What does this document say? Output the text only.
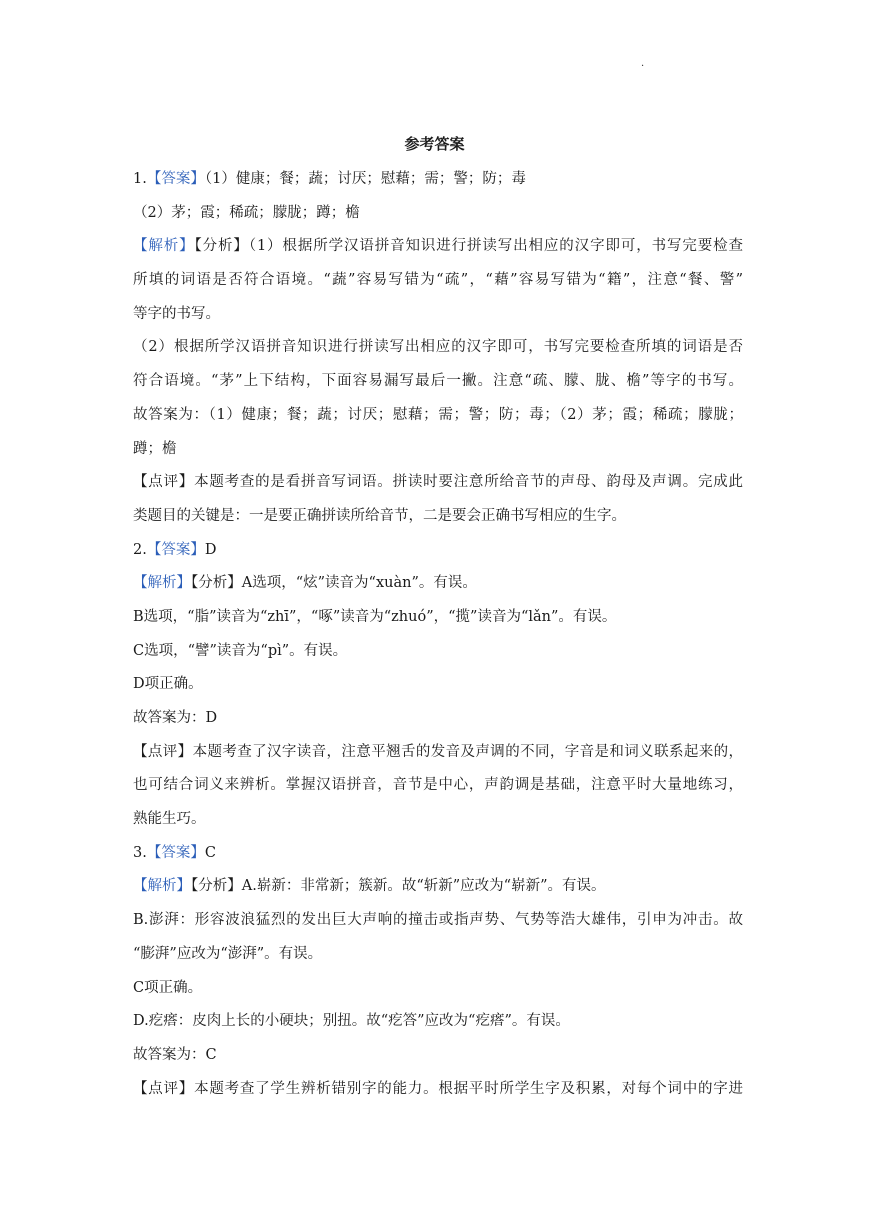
·
参考答案
1.【答案】（1）健康；餐；蔬；讨厌；慰藉；需；警；防；毒
（2）茅；霞；稀疏；朦胧；蹲；檐
【解析】【分析】（1）根据所学汉语拼音知识进行拼读写出相应的汉字即可，书写完要检查
所填的词语是否符合语境。“蔬”容易写错为“疏”，“藉”容易写错为“籍”，注意“餐、警”
等字的书写。
（2）根据所学汉语拼音知识进行拼读写出相应的汉字即可，书写完要检查所填的词语是否
符合语境。“茅”上下结构，下面容易漏写最后一撇。注意“疏、朦、胧、檐”等字的书写。
故答案为：（1）健康；餐；蔬；讨厌；慰藉；需；警；防；毒；（2）茅；霞；稀疏；朦胧；
蹲；檐
【点评】本题考查的是看拼音写词语。拼读时要注意所给音节的声母、韵母及声调。完成此
类题目的关键是：一是要正确拼读所给音节，二是要会正确书写相应的生字。
2.【答案】D
【解析】【分析】A选项，“炫”读音为“xuàn”。有误。
B选项，“脂”读音为“zhī”，“啄”读音为“zhuó”，“揽”读音为“lǎn”。有误。
C选项，“譬”读音为“pì”。有误。
D项正确。
故答案为：D
【点评】本题考查了汉字读音，注意平翘舌的发音及声调的不同，字音是和词义联系起来的，
也可结合词义来辨析。掌握汉语拼音，音节是中心，声韵调是基础，注意平时大量地练习，
熟能生巧。
3.【答案】C
【解析】【分析】A.崭新：非常新；簇新。故“斩新”应改为“崭新”。有误。
B.澎湃：形容波浪猛烈的发出巨大声响的撞击或指声势、气势等浩大雄伟，引申为冲击。故
“膨湃”应改为“澎湃”。有误。
C项正确。
D.疙瘩：皮肉上长的小硬块；别扭。故“疙答”应改为“疙瘩”。有误。
故答案为：C
【点评】本题考查了学生辨析错别字的能力。根据平时所学生字及积累，对每个词中的字进
